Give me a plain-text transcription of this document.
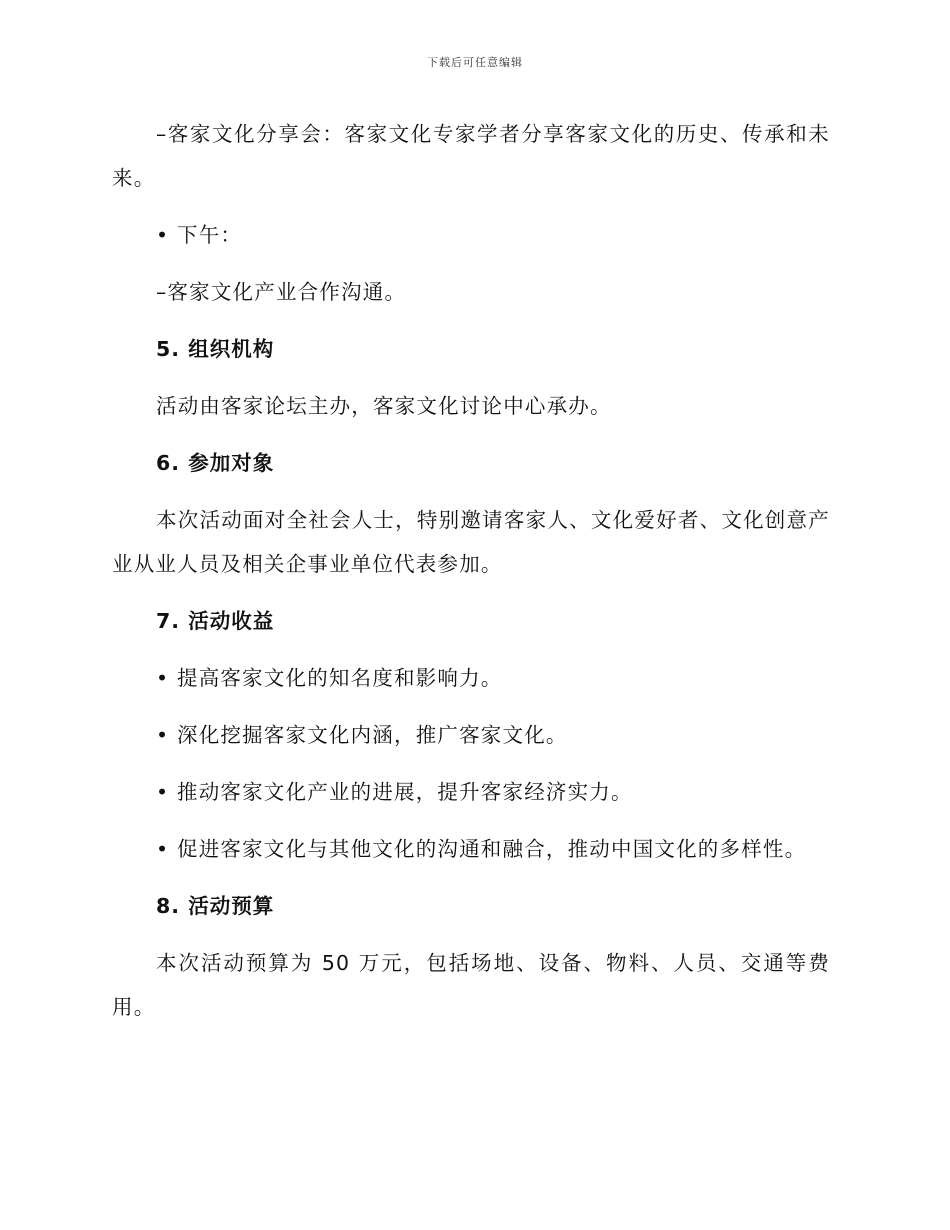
下载后可任意编辑

–客家文化分享会：客家文化专家学者分享客家文化的历史、传承和未来。

• 下午：

–客家文化产业合作沟通。

5. 组织机构

活动由客家论坛主办，客家文化讨论中心承办。

6. 参加对象

本次活动面对全社会人士，特别邀请客家人、文化爱好者、文化创意产业从业人员及相关企事业单位代表参加。

7. 活动收益

• 提高客家文化的知名度和影响力。

• 深化挖掘客家文化内涵，推广客家文化。

• 推动客家文化产业的进展，提升客家经济实力。

• 促进客家文化与其他文化的沟通和融合，推动中国文化的多样性。

8. 活动预算

本次活动预算为 50 万元，包括场地、设备、物料、人员、交通等费用。
